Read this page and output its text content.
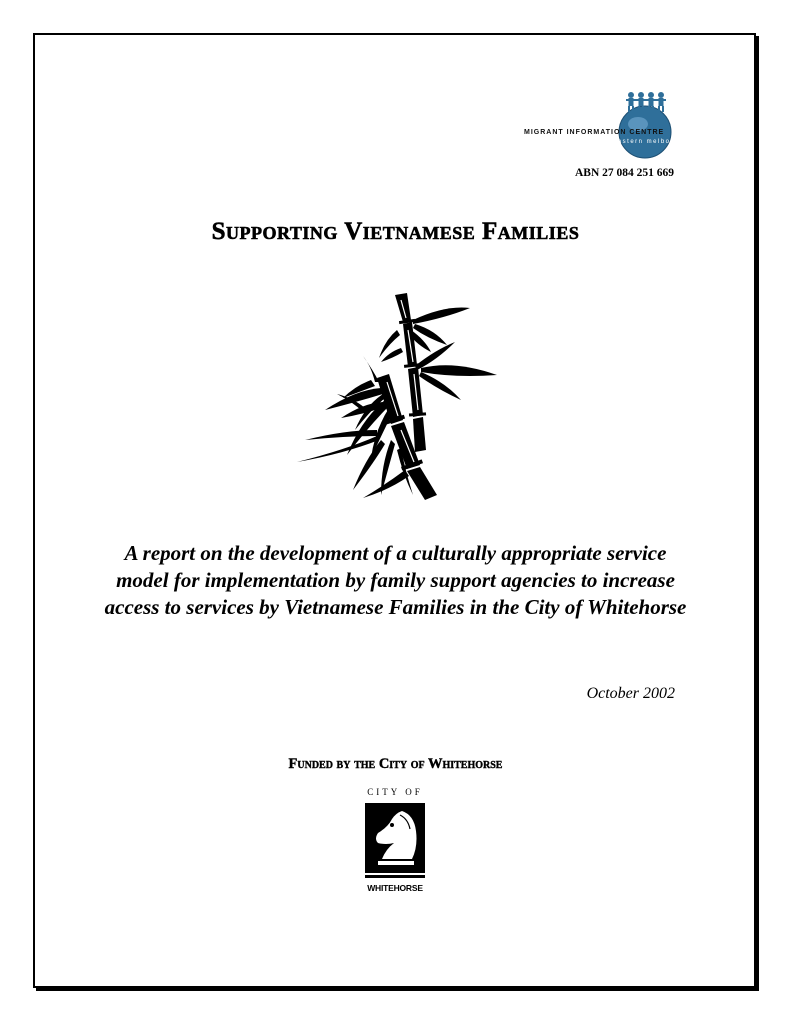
MIGRANT INFORMATION CENTRE
eastern melbourne
ABN 27 084 251 669
Supporting Vietnamese Families
A report on the development of a culturally appropriate service model for implementation by family support agencies to increase access to services by Vietnamese Families in the City of Whitehorse
October 2002
Funded by the City of Whitehorse
CITY OF
WHITEHORSE
